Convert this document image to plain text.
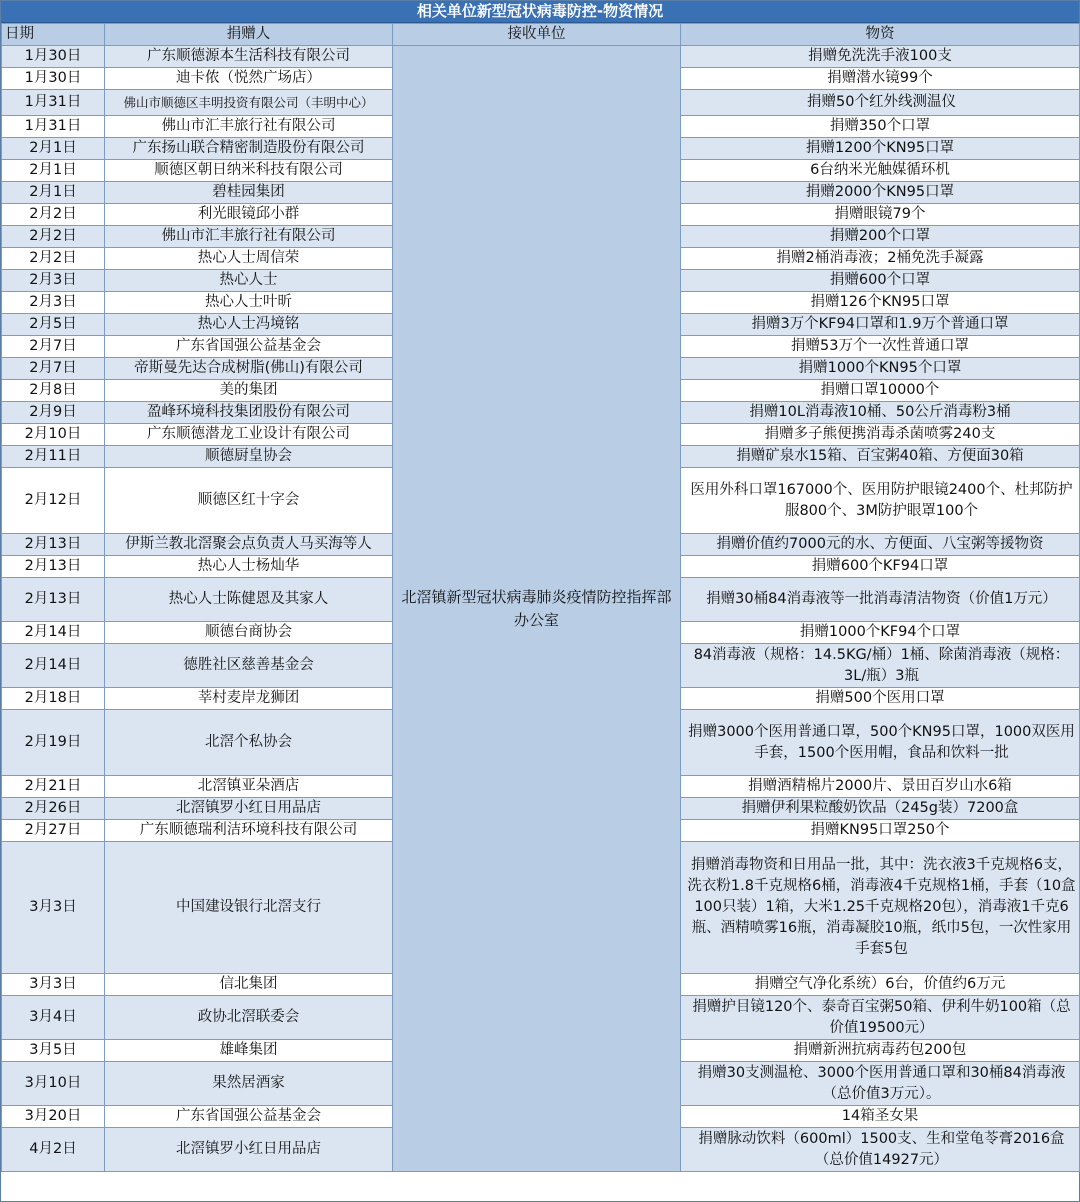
相关单位新型冠状病毒防控-物资情况
日期	捐赠人	接收单位	物资
1月30日	广东顺德源本生活科技有限公司	北滘镇新型冠状病毒肺炎疫情防控指挥部办公室	捐赠免洗洗手液100支
1月30日	迪卡侬（悦然广场店）		捐赠潜水镜99个
1月31日	佛山市顺德区丰明投资有限公司（丰明中心）		捐赠50个红外线测温仪
1月31日	佛山市汇丰旅行社有限公司		捐赠350个口罩
2月1日	广东扬山联合精密制造股份有限公司		捐赠1200个KN95口罩
2月1日	顺德区朝日纳米科技有限公司		6台纳米光触媒循环机
2月1日	碧桂园集团		捐赠2000个KN95口罩
2月2日	利光眼镜邱小群		捐赠眼镜79个
2月2日	佛山市汇丰旅行社有限公司		捐赠200个口罩
2月2日	热心人士周信荣		捐赠2桶消毒液；2桶免洗手凝露
2月3日	热心人士		捐赠600个口罩
2月3日	热心人士叶昕		捐赠126个KN95口罩
2月5日	热心人士冯境铭		捐赠3万个KF94口罩和1.9万个普通口罩
2月7日	广东省国强公益基金会		捐赠53万个一次性普通口罩
2月7日	帝斯曼先达合成树脂(佛山)有限公司		捐赠1000个KN95个口罩
2月8日	美的集团		捐赠口罩10000个
2月9日	盈峰环境科技集团股份有限公司		捐赠10L消毒液10桶、50公斤消毒粉3桶
2月10日	广东顺德潜龙工业设计有限公司		捐赠多子熊便携消毒杀菌喷雾240支
2月11日	顺德厨皇协会		捐赠矿泉水15箱、百宝粥40箱、方便面30箱
2月12日	顺德区红十字会		医用外科口罩167000个、医用防护眼镜2400个、杜邦防护服800个、3M防护眼罩100个
2月13日	伊斯兰教北滘聚会点负责人马买海等人		捐赠价值约7000元的水、方便面、八宝粥等援物资
2月13日	热心人士杨灿华		捐赠600个KF94口罩
2月13日	热心人士陈健恩及其家人		捐赠30桶84消毒液等一批消毒清洁物资（价值1万元）
2月14日	顺德台商协会		捐赠1000个KF94个口罩
2月14日	德胜社区慈善基金会		84消毒液（规格：14.5KG/桶）1桶、除菌消毒液（规格：3L/瓶）3瓶
2月18日	莘村麦岸龙狮团		捐赠500个医用口罩
2月19日	北滘个私协会		捐赠3000个医用普通口罩，500个KN95口罩，1000双医用手套，1500个医用帽，食品和饮料一批
2月21日	北滘镇亚朵酒店		捐赠酒精棉片2000片、景田百岁山水6箱
2月26日	北滘镇罗小红日用品店		捐赠伊利果粒酸奶饮品（245g装）7200盒
2月27日	广东顺德瑞利洁环境科技有限公司		捐赠KN95口罩250个
3月3日	中国建设银行北滘支行		捐赠消毒物资和日用品一批，其中：洗衣液3千克规格6支，洗衣粉1.8千克规格6桶，消毒液4千克规格1桶，手套（10盒100只装）1箱，大米1.25千克规格20包），消毒液1千克6瓶、酒精喷雾16瓶，消毒凝胶10瓶，纸巾5包，一次性家用手套5包
3月3日	信北集团		捐赠空气净化系统）6台，价值约6万元
3月4日	政协北滘联委会		捐赠护目镜120个、泰奇百宝粥50箱、伊利牛奶100箱（总价值19500元）
3月5日	雄峰集团		捐赠新洲抗病毒药包200包
3月10日	果然居酒家		捐赠30支测温枪、3000个医用普通口罩和30桶84消毒液（总价值3万元）。
3月20日	广东省国强公益基金会		14箱圣女果
4月2日	北滘镇罗小红日用品店		捐赠脉动饮料（600ml）1500支、生和堂龟苓膏2016盒（总价值14927元）
